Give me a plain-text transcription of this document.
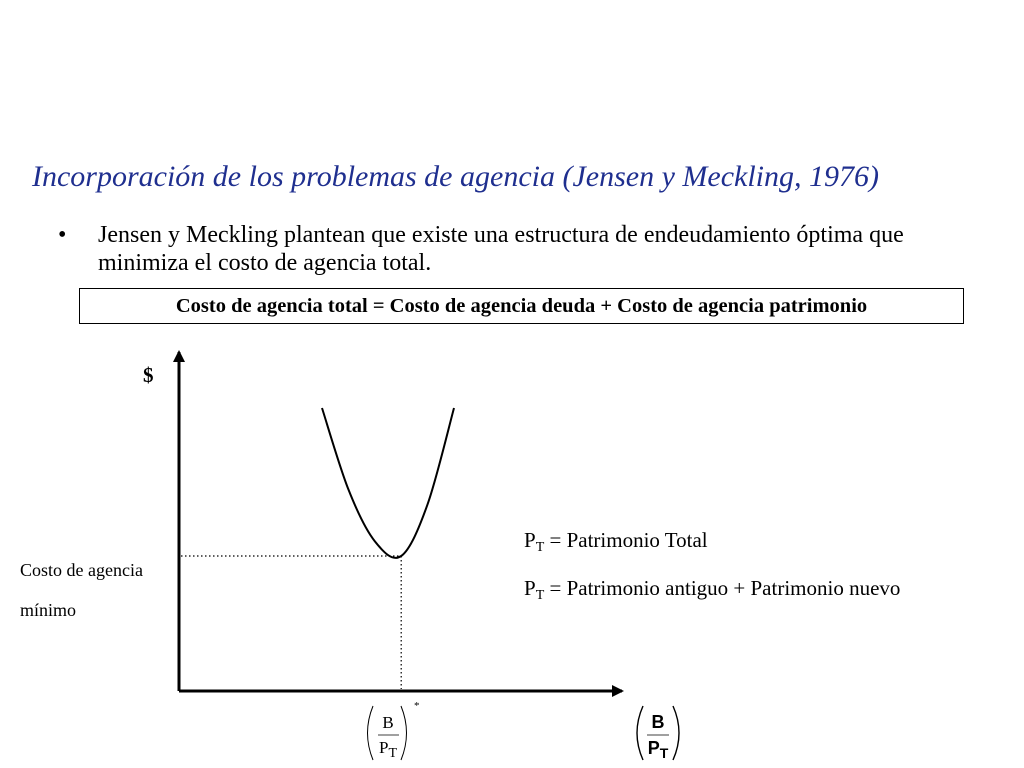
Incorporación de los problemas de agencia (Jensen y Meckling, 1976)
• Jensen y Meckling plantean que existe una estructura de endeudamiento óptima que minimiza el costo de agencia total.
Costo de agencia total = Costo de agencia deuda + Costo de agencia patrimonio
$
Costo de agencia
mínimo
$P_T$ = Patrimonio Total
$P_T$ = Patrimonio antiguo + Patrimonio nuevo
B
$P_T$
*
B
$P_T$
